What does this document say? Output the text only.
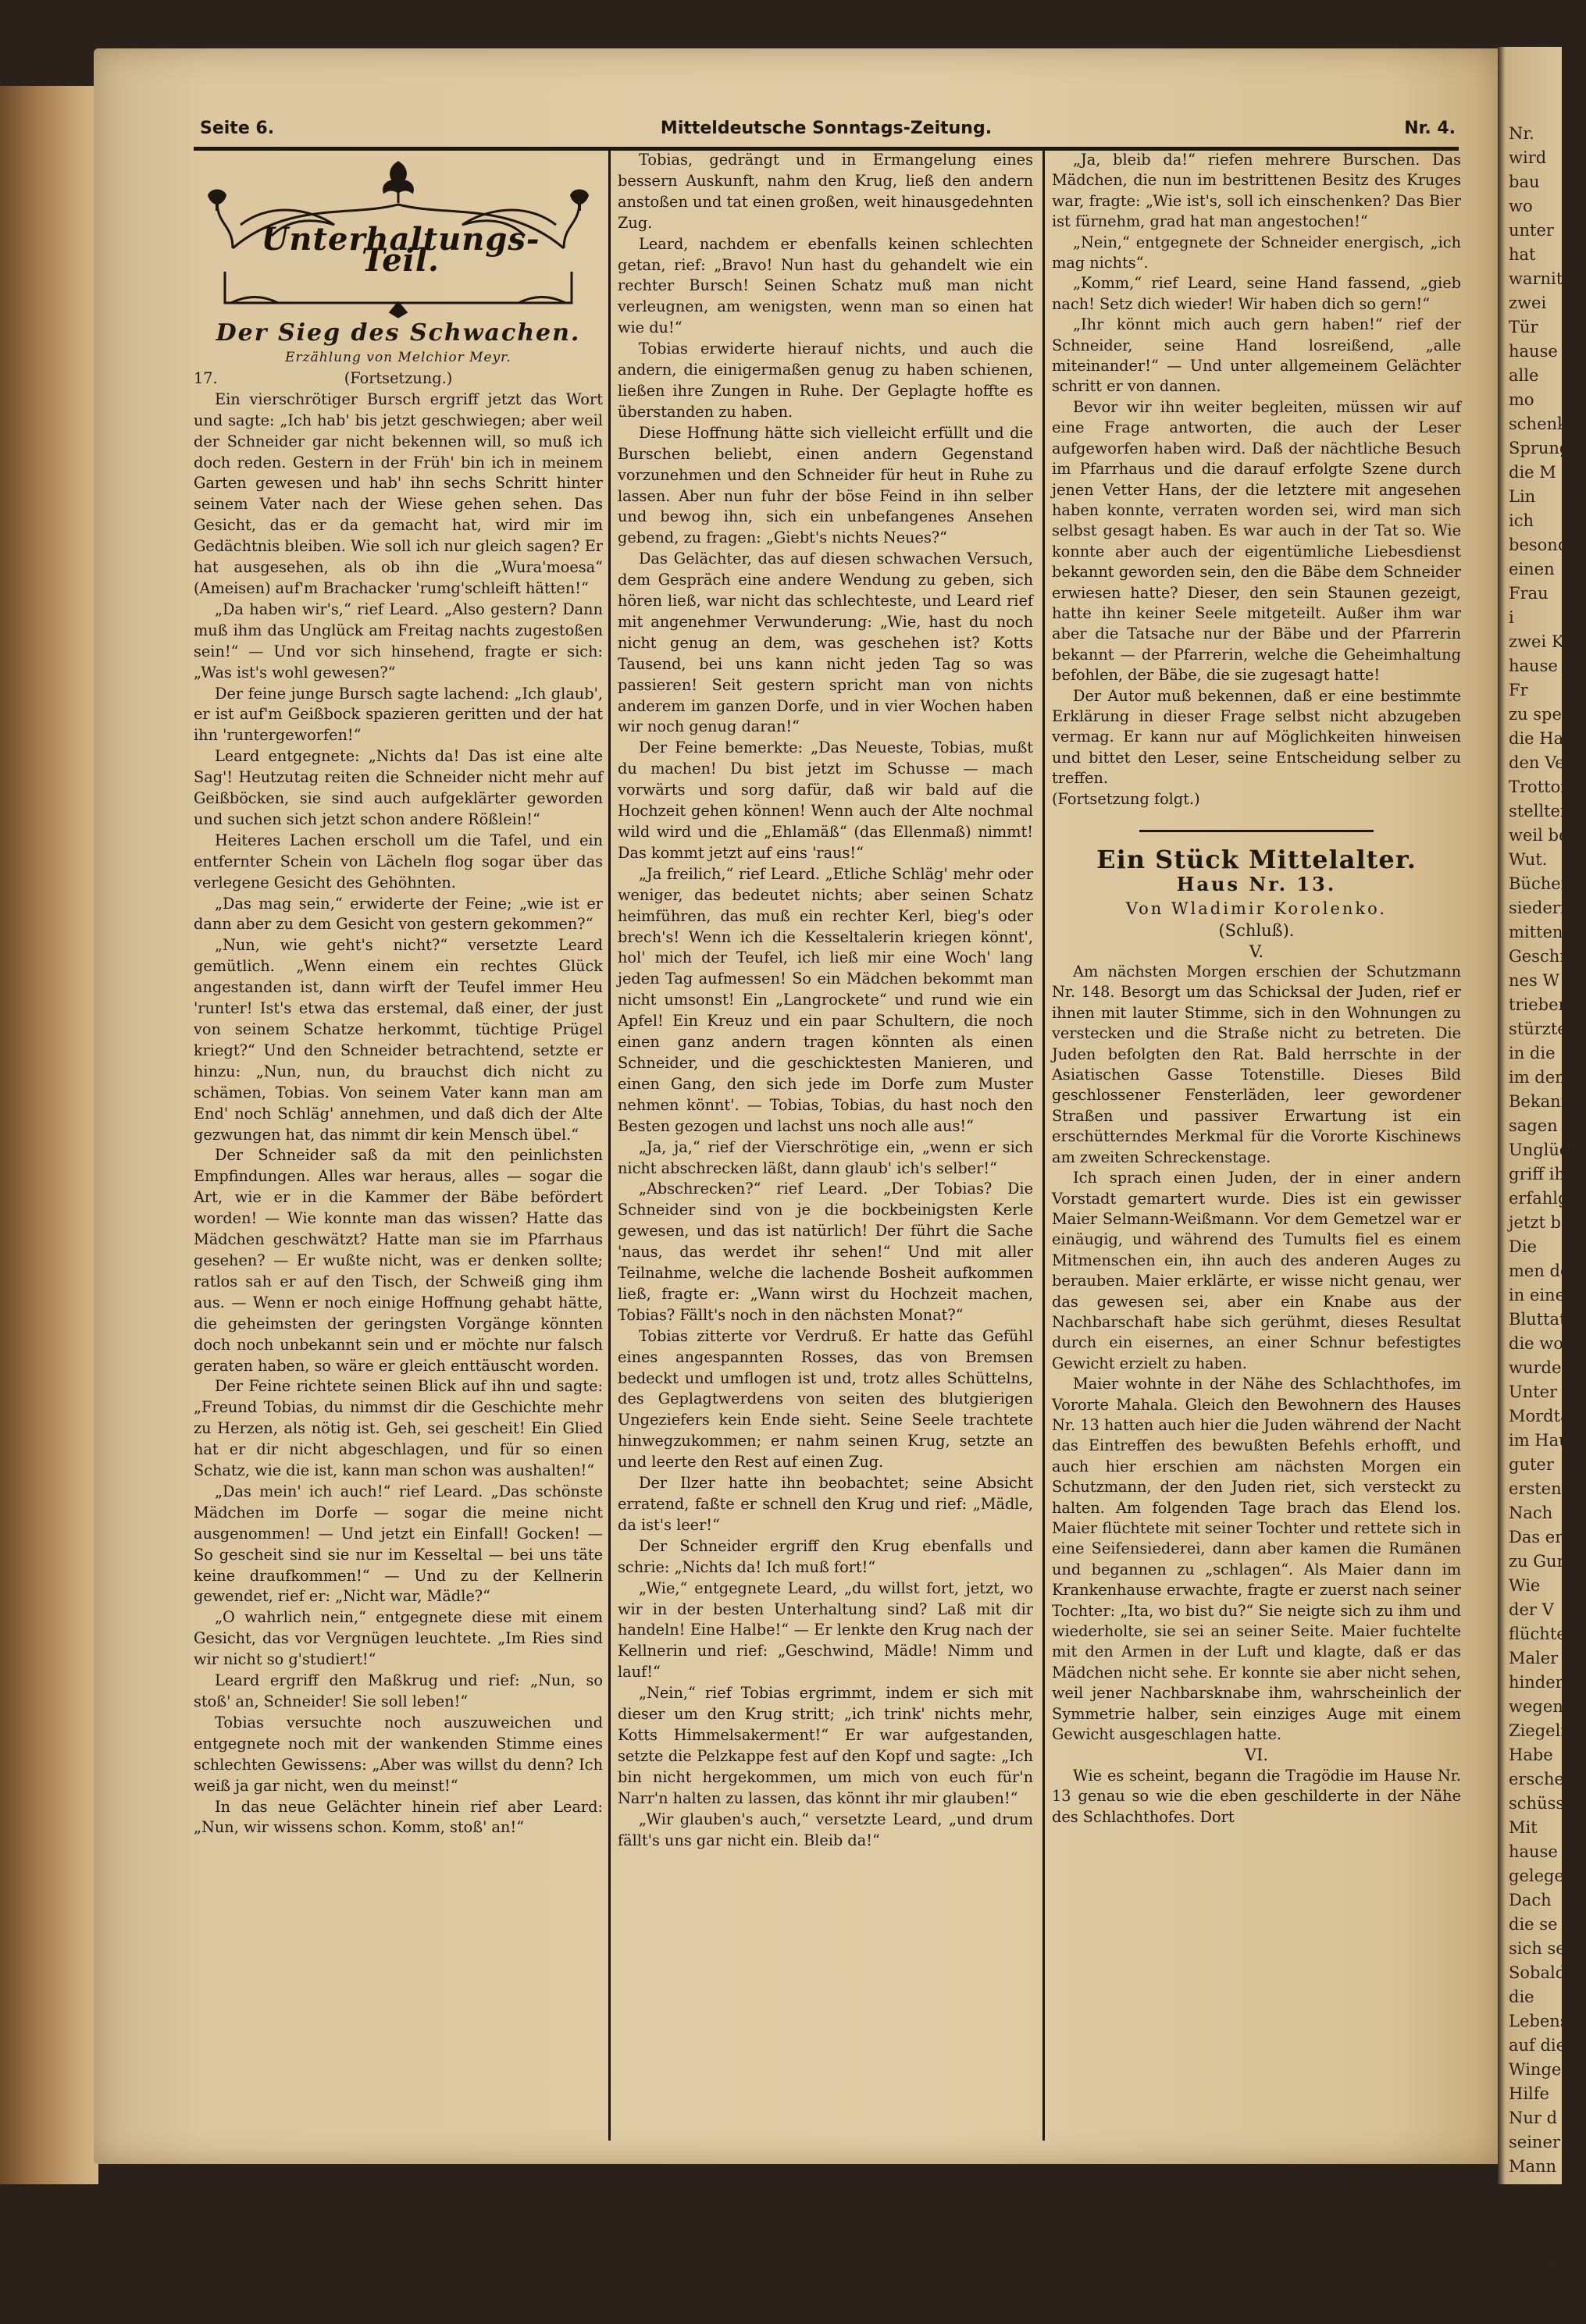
Nr.
wird
bau
wo
unter
hat
warnit
zwei
Tür
hause
alle
mo
schenke
Sprung
die M
Lin
ich
besonder
einen
Frau
i
zwei Kin
hause
Fr
zu sperr
die Hau
den Ver
Trottoir
stellten
weil be
Wut.
Büchern
siedern
mitten
Geschrei
nes W
trieben
stürzten
in die
im dem
Bekannt
sagen
Unglück
griff ih
erfahlg
jetzt be
Die
men de
in eine
Bluttat
die wor
wurde.
Unter
Mordtat
im Hau
guter
ersten
Nach
Das er
zu Gunst
Wie
der V
flüchtet
Maler
hindern
wegen
Ziegeln
Habe
erschee
schüssel
Mit
hause
gelegen
Dach
die se
sich se
Sobald
die
Lebens
auf die
Winger
Hilfe
Nur d
seiner
Mann
warens
da u
Abgeord
wacht
wie de
werden
Seite 6.	Mitteldeutsche Sonntags-Zeitung.	Nr. 4.
Unterhaltungs-Teil.
Der Sieg des Schwachen.
Erzählung von Melchior Meyr.
17.	(Fortsetzung.)

Ein vierschrötiger Bursch ergriff jetzt das Wort und sagte: „Ich hab' bis jetzt geschwiegen; aber weil der Schneider gar nicht bekennen will, so muß ich doch reden. Gestern in der Früh' bin ich in meinem Garten gewesen und hab' ihn sechs Schritt hinter seinem Vater nach der Wiese gehen sehen. Das Gesicht, das er da gemacht hat, wird mir im Gedächtnis bleiben. Wie soll ich nur gleich sagen? Er hat ausgesehen, als ob ihn die „Wura'moesa“ (Ameisen) auf'm Brachacker 'rumg'schleift hätten!“

„Da haben wir's,“ rief Leard. „Also gestern? Dann muß ihm das Unglück am Freitag nachts zugestoßen sein!“ — Und vor sich hinsehend, fragte er sich: „Was ist's wohl gewesen?“

Der feine junge Bursch sagte lachend: „Ich glaub', er ist auf'm Geißbock spazieren geritten und der hat ihn 'runtergeworfen!“

Leard entgegnete: „Nichts da! Das ist eine alte Sag'! Heutzutag reiten die Schneider nicht mehr auf Geißböcken, sie sind auch aufgeklärter geworden und suchen sich jetzt schon andere Rößlein!“

Heiteres Lachen erscholl um die Tafel, und ein entfernter Schein von Lächeln flog sogar über das verlegene Gesicht des Gehöhnten.

„Das mag sein,“ erwiderte der Feine; „wie ist er dann aber zu dem Gesicht von gestern gekommen?“

„Nun, wie geht's nicht?“ versetzte Leard gemütlich. „Wenn einem ein rechtes Glück angestanden ist, dann wirft der Teufel immer Heu 'runter! Ist's etwa das erstemal, daß einer, der just von seinem Schatze herkommt, tüchtige Prügel kriegt?“ Und den Schneider betrachtend, setzte er hinzu: „Nun, nun, du brauchst dich nicht zu schämen, Tobias. Von seinem Vater kann man am End' noch Schläg' annehmen, und daß dich der Alte gezwungen hat, das nimmt dir kein Mensch übel.“

Der Schneider saß da mit den peinlichsten Empfindungen. Alles war heraus, alles — sogar die Art, wie er in die Kammer der Bäbe befördert worden! — Wie konnte man das wissen? Hatte das Mädchen geschwätzt? Hatte man sie im Pfarrhaus gesehen? — Er wußte nicht, was er denken sollte; ratlos sah er auf den Tisch, der Schweiß ging ihm aus. — Wenn er noch einige Hoffnung gehabt hätte, die geheimsten der geringsten Vorgänge könnten doch noch unbekannt sein und er möchte nur falsch geraten haben, so wäre er gleich enttäuscht worden.

Der Feine richtete seinen Blick auf ihn und sagte: „Freund Tobias, du nimmst dir die Geschichte mehr zu Herzen, als nötig ist. Geh, sei gescheit! Ein Glied hat er dir nicht abgeschlagen, und für so einen Schatz, wie die ist, kann man schon was aushalten!“

„Das mein' ich auch!“ rief Leard. „Das schönste Mädchen im Dorfe — sogar die meine nicht ausgenommen! — Und jetzt ein Einfall! Gocken! — So gescheit sind sie nur im Kesseltal — bei uns täte keine draufkommen!“ — Und zu der Kellnerin gewendet, rief er: „Nicht war, Mädle?“

„O wahrlich nein,“ entgegnete diese mit einem Gesicht, das vor Vergnügen leuchtete. „Im Ries sind wir nicht so g'studiert!“

Leard ergriff den Maßkrug und rief: „Nun, so stoß' an, Schneider! Sie soll leben!“

Tobias versuchte noch auszuweichen und entgegnete noch mit der wankenden Stimme eines schlechten Gewissens: „Aber was willst du denn? Ich weiß ja gar nicht, wen du meinst!“

In das neue Gelächter hinein rief aber Leard: „Nun, wir wissens schon. Komm, stoß' an!“

Tobias, gedrängt und in Ermangelung eines bessern Auskunft, nahm den Krug, ließ den andern anstoßen und tat einen großen, weit hinausgedehnten Zug.

Leard, nachdem er ebenfalls keinen schlechten getan, rief: „Bravo! Nun hast du gehandelt wie ein rechter Bursch! Seinen Schatz muß man nicht verleugnen, am wenigsten, wenn man so einen hat wie du!“

Tobias erwiderte hierauf nichts, und auch die andern, die einigermaßen genug zu haben schienen, ließen ihre Zungen in Ruhe. Der Geplagte hoffte es überstanden zu haben.

Diese Hoffnung hätte sich vielleicht erfüllt und die Burschen beliebt, einen andern Gegenstand vorzunehmen und den Schneider für heut in Ruhe zu lassen. Aber nun fuhr der böse Feind in ihn selber und bewog ihn, sich ein unbefangenes Ansehen gebend, zu fragen: „Giebt's nichts Neues?“

Das Gelächter, das auf diesen schwachen Versuch, dem Gespräch eine andere Wendung zu geben, sich hören ließ, war nicht das schlechteste, und Leard rief mit angenehmer Verwunderung: „Wie, hast du noch nicht genug an dem, was geschehen ist? Kotts Tausend, bei uns kann nicht jeden Tag so was passieren! Seit gestern spricht man von nichts anderem im ganzen Dorfe, und in vier Wochen haben wir noch genug daran!“

Der Feine bemerkte: „Das Neueste, Tobias, mußt du machen! Du bist jetzt im Schusse — mach vorwärts und sorg dafür, daß wir bald auf die Hochzeit gehen können! Wenn auch der Alte nochmal wild wird und die „Ehlamäß“ (das Ellenmaß) nimmt! Das kommt jetzt auf eins 'raus!“

„Ja freilich,“ rief Leard. „Etliche Schläg' mehr oder weniger, das bedeutet nichts; aber seinen Schatz heimführen, das muß ein rechter Kerl, bieg's oder brech's! Wenn ich die Kesseltalerin kriegen könnt', hol' mich der Teufel, ich ließ mir eine Woch' lang jeden Tag aufmessen! So ein Mädchen bekommt man nicht umsonst! Ein „Langrockete“ und rund wie ein Apfel! Ein Kreuz und ein paar Schultern, die noch einen ganz andern tragen könnten als einen Schneider, und die geschicktesten Manieren, und einen Gang, den sich jede im Dorfe zum Muster nehmen könnt'. — Tobias, Tobias, du hast noch den Besten gezogen und lachst uns noch alle aus!“

„Ja, ja,“ rief der Vierschrötige ein, „wenn er sich nicht abschrecken läßt, dann glaub' ich's selber!“

„Abschrecken?“ rief Leard. „Der Tobias? Die Schneider sind von je die bockbeinigsten Kerle gewesen, und das ist natürlich! Der führt die Sache 'naus, das werdet ihr sehen!“ Und mit aller Teilnahme, welche die lachende Bosheit aufkommen ließ, fragte er: „Wann wirst du Hochzeit machen, Tobias? Fällt's noch in den nächsten Monat?“

Tobias zitterte vor Verdruß. Er hatte das Gefühl eines angespannten Rosses, das von Bremsen bedeckt und umflogen ist und, trotz alles Schüttelns, des Geplagtwerdens von seiten des blutgierigen Ungeziefers kein Ende sieht. Seine Seele trachtete hinwegzukommen; er nahm seinen Krug, setzte an und leerte den Rest auf einen Zug.

Der Ilzer hatte ihn beobachtet; seine Absicht erratend, faßte er schnell den Krug und rief: „Mädle, da ist's leer!“

Der Schneider ergriff den Krug ebenfalls und schrie: „Nichts da! Ich muß fort!“

„Wie,“ entgegnete Leard, „du willst fort, jetzt, wo wir in der besten Unterhaltung sind? Laß mit dir handeln! Eine Halbe!“ — Er lenkte den Krug nach der Kellnerin und rief: „Geschwind, Mädle! Nimm und lauf!“

„Nein,“ rief Tobias ergrimmt, indem er sich mit dieser um den Krug stritt; „ich trink' nichts mehr, Kotts Himmelsakerment!“ Er war aufgestanden, setzte die Pelzkappe fest auf den Kopf und sagte: „Ich bin nicht hergekommen, um mich von euch für'n Narr'n halten zu lassen, das könnt ihr mir glauben!“

„Wir glauben's auch,“ versetzte Leard, „und drum fällt's uns gar nicht ein. Bleib da!“

„Ja, bleib da!“ riefen mehrere Burschen. Das Mädchen, die nun im bestrittenen Besitz des Kruges war, fragte: „Wie ist's, soll ich einschenken? Das Bier ist fürnehm, grad hat man angestochen!“

„Nein,“ entgegnete der Schneider energisch, „ich mag nichts“.

„Komm,“ rief Leard, seine Hand fassend, „gieb nach! Setz dich wieder! Wir haben dich so gern!“

„Ihr könnt mich auch gern haben!“ rief der Schneider, seine Hand losreißend, „alle miteinander!“ — Und unter allgemeinem Gelächter schritt er von dannen.

Bevor wir ihn weiter begleiten, müssen wir auf eine Frage antworten, die auch der Leser aufgeworfen haben wird. Daß der nächtliche Besuch im Pfarrhaus und die darauf erfolgte Szene durch jenen Vetter Hans, der die letztere mit angesehen haben konnte, verraten worden sei, wird man sich selbst gesagt haben. Es war auch in der Tat so. Wie konnte aber auch der eigentümliche Liebesdienst bekannt geworden sein, den die Bäbe dem Schneider erwiesen hatte? Dieser, den sein Staunen gezeigt, hatte ihn keiner Seele mitgeteilt. Außer ihm war aber die Tatsache nur der Bäbe und der Pfarrerin bekannt — der Pfarrerin, welche die Geheimhaltung befohlen, der Bäbe, die sie zugesagt hatte!

Der Autor muß bekennen, daß er eine bestimmte Erklärung in dieser Frage selbst nicht abzugeben vermag. Er kann nur auf Möglichkeiten hinweisen und bittet den Leser, seine Entscheidung selber zu treffen.

(Fortsetzung folgt.)

Ein Stück Mittelalter.
Haus Nr. 13.
Von Wladimir Korolenko.
(Schluß).
V.

Am nächsten Morgen erschien der Schutzmann Nr. 148. Besorgt um das Schicksal der Juden, rief er ihnen mit lauter Stimme, sich in den Wohnungen zu verstecken und die Straße nicht zu betreten. Die Juden befolgten den Rat. Bald herrschte in der Asiatischen Gasse Totenstille. Dieses Bild geschlossener Fensterläden, leer gewordener Straßen und passiver Erwartung ist ein erschütterndes Merkmal für die Vororte Kischinews am zweiten Schreckenstage.

Ich sprach einen Juden, der in einer andern Vorstadt gemartert wurde. Dies ist ein gewisser Maier Selmann-Weißmann. Vor dem Gemetzel war er einäugig, und während des Tumults fiel es einem Mitmenschen ein, ihn auch des anderen Auges zu berauben. Maier erklärte, er wisse nicht genau, wer das gewesen sei, aber ein Knabe aus der Nachbarschaft habe sich gerühmt, dieses Resultat durch ein eisernes, an einer Schnur befestigtes Gewicht erzielt zu haben.

Maier wohnte in der Nähe des Schlachthofes, im Vororte Mahala. Gleich den Bewohnern des Hauses Nr. 13 hatten auch hier die Juden während der Nacht das Eintreffen des bewußten Befehls erhofft, und auch hier erschien am nächsten Morgen ein Schutzmann, der den Juden riet, sich versteckt zu halten. Am folgenden Tage brach das Elend los. Maier flüchtete mit seiner Tochter und rettete sich in eine Seifensiederei, dann aber kamen die Rumänen und begannen zu „schlagen“. Als Maier dann im Krankenhause erwachte, fragte er zuerst nach seiner Tochter: „Ita, wo bist du?“ Sie neigte sich zu ihm und wiederholte, sie sei an seiner Seite. Maier fuchtelte mit den Armen in der Luft und klagte, daß er das Mädchen nicht sehe. Er konnte sie aber nicht sehen, weil jener Nachbarsknabe ihm, wahrscheinlich der Symmetrie halber, sein einziges Auge mit einem Gewicht ausgeschlagen hatte.

VI.

Wie es scheint, begann die Tragödie im Hause Nr. 13 genau so wie die eben geschilderte in der Nähe des Schlachthofes. Dort
